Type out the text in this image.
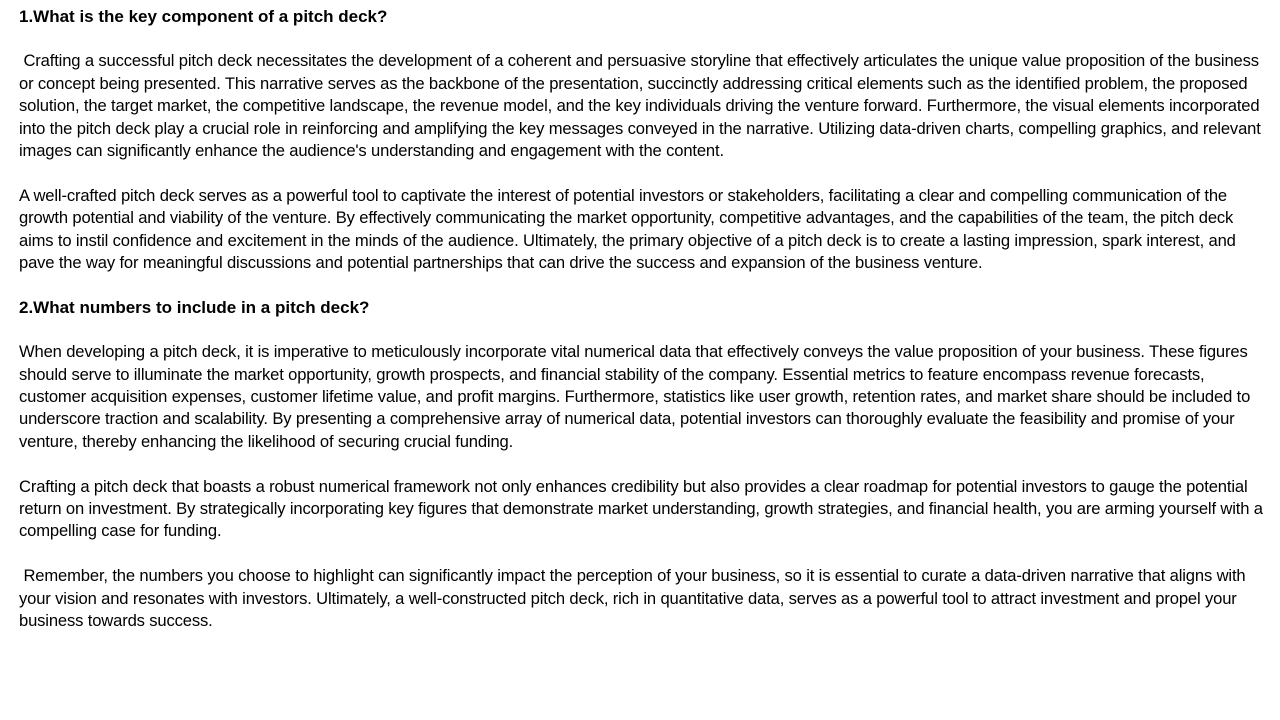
1.What is the key component of a pitch deck?

Crafting a successful pitch deck necessitates the development of a coherent and persuasive storyline that effectively articulates the unique value proposition of the business or concept being presented. This narrative serves as the backbone of the presentation, succinctly addressing critical elements such as the identified problem, the proposed solution, the target market, the competitive landscape, the revenue model, and the key individuals driving the venture forward. Furthermore, the visual elements incorporated into the pitch deck play a crucial role in reinforcing and amplifying the key messages conveyed in the narrative. Utilizing data-driven charts, compelling graphics, and relevant images can significantly enhance the audience's understanding and engagement with the content.

A well-crafted pitch deck serves as a powerful tool to captivate the interest of potential investors or stakeholders, facilitating a clear and compelling communication of the growth potential and viability of the venture. By effectively communicating the market opportunity, competitive advantages, and the capabilities of the team, the pitch deck aims to instil confidence and excitement in the minds of the audience. Ultimately, the primary objective of a pitch deck is to create a lasting impression, spark interest, and pave the way for meaningful discussions and potential partnerships that can drive the success and expansion of the business venture.

2.What numbers to include in a pitch deck?

When developing a pitch deck, it is imperative to meticulously incorporate vital numerical data that effectively conveys the value proposition of your business. These figures should serve to illuminate the market opportunity, growth prospects, and financial stability of the company. Essential metrics to feature encompass revenue forecasts, customer acquisition expenses, customer lifetime value, and profit margins. Furthermore, statistics like user growth, retention rates, and market share should be included to underscore traction and scalability. By presenting a comprehensive array of numerical data, potential investors can thoroughly evaluate the feasibility and promise of your venture, thereby enhancing the likelihood of securing crucial funding.

Crafting a pitch deck that boasts a robust numerical framework not only enhances credibility but also provides a clear roadmap for potential investors to gauge the potential return on investment. By strategically incorporating key figures that demonstrate market understanding, growth strategies, and financial health, you are arming yourself with a compelling case for funding.

Remember, the numbers you choose to highlight can significantly impact the perception of your business, so it is essential to curate a data-driven narrative that aligns with your vision and resonates with investors. Ultimately, a well-constructed pitch deck, rich in quantitative data, serves as a powerful tool to attract investment and propel your business towards success.
